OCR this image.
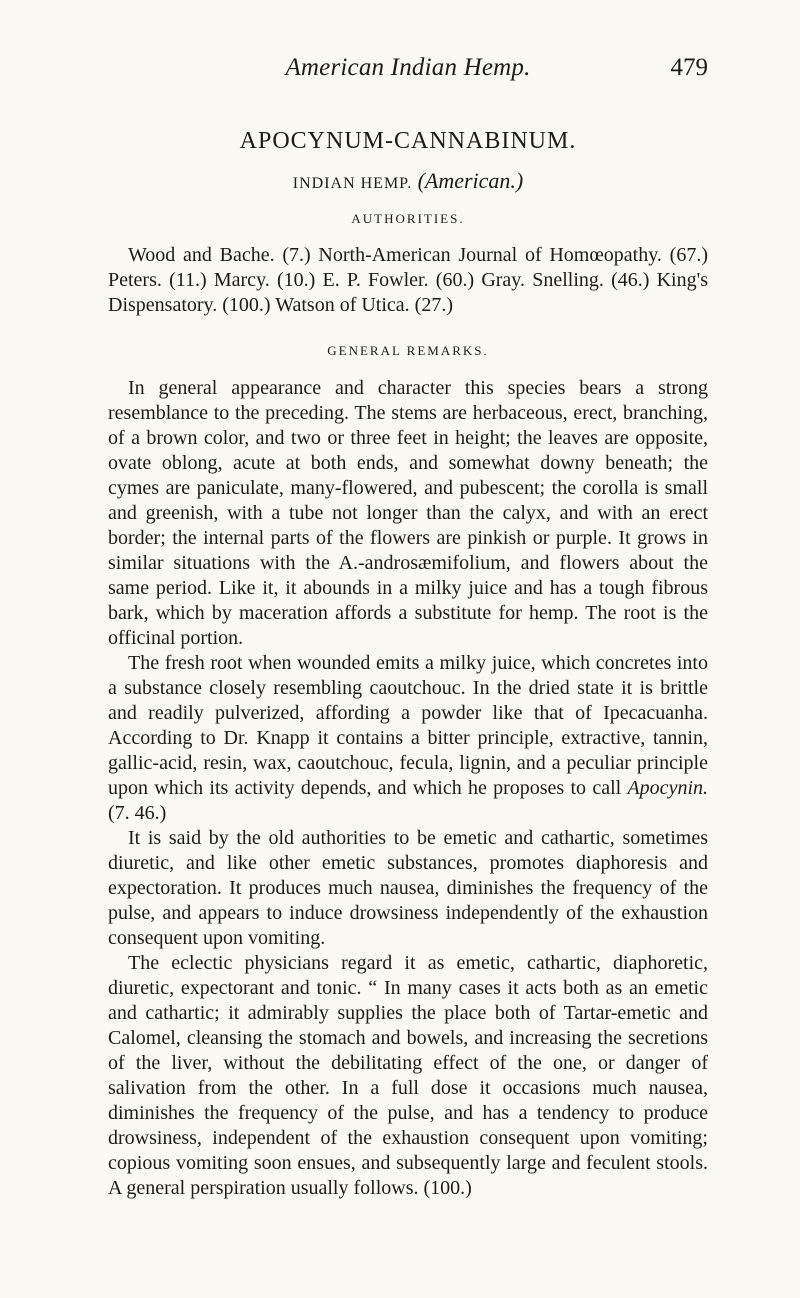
American Indian Hemp.	479
APOCYNUM-CANNABINUM.
INDIAN HEMP. (American.)
AUTHORITIES.

Wood and Bache. (7.) North-American Journal of Homœopathy. (67.) Peters. (11.) Marcy. (10.) E. P. Fowler. (60.) Gray. Snelling. (46.) King's Dispensatory. (100.) Watson of Utica. (27.)

GENERAL REMARKS.

In general appearance and character this species bears a strong resemblance to the preceding. The stems are herbaceous, erect, branching, of a brown color, and two or three feet in height; the leaves are opposite, ovate oblong, acute at both ends, and somewhat downy beneath; the cymes are paniculate, many-flowered, and pubescent; the corolla is small and greenish, with a tube not longer than the calyx, and with an erect border; the internal parts of the flowers are pinkish or purple. It grows in similar situations with the A.-androsæmifolium, and flowers about the same period. Like it, it abounds in a milky juice and has a tough fibrous bark, which by maceration affords a substitute for hemp. The root is the officinal portion.

The fresh root when wounded emits a milky juice, which concretes into a substance closely resembling caoutchouc. In the dried state it is brittle and readily pulverized, affording a powder like that of Ipecacuanha. According to Dr. Knapp it contains a bitter principle, extractive, tannin, gallic-acid, resin, wax, caoutchouc, fecula, lignin, and a peculiar principle upon which its activity depends, and which he proposes to call Apocynin. (7. 46.)

It is said by the old authorities to be emetic and cathartic, sometimes diuretic, and like other emetic substances, promotes diaphoresis and expectoration. It produces much nausea, diminishes the frequency of the pulse, and appears to induce drowsiness independently of the exhaustion consequent upon vomiting.

The eclectic physicians regard it as emetic, cathartic, diaphoretic, diuretic, expectorant and tonic. “ In many cases it acts both as an emetic and cathartic; it admirably supplies the place both of Tartar-emetic and Calomel, cleansing the stomach and bowels, and increasing the secretions of the liver, without the debilitating effect of the one, or danger of salivation from the other. In a full dose it occasions much nausea, diminishes the frequency of the pulse, and has a tendency to produce drowsiness, independent of the exhaustion consequent upon vomiting; copious vomiting soon ensues, and subsequently large and feculent stools. A general perspiration usually follows. (100.)
